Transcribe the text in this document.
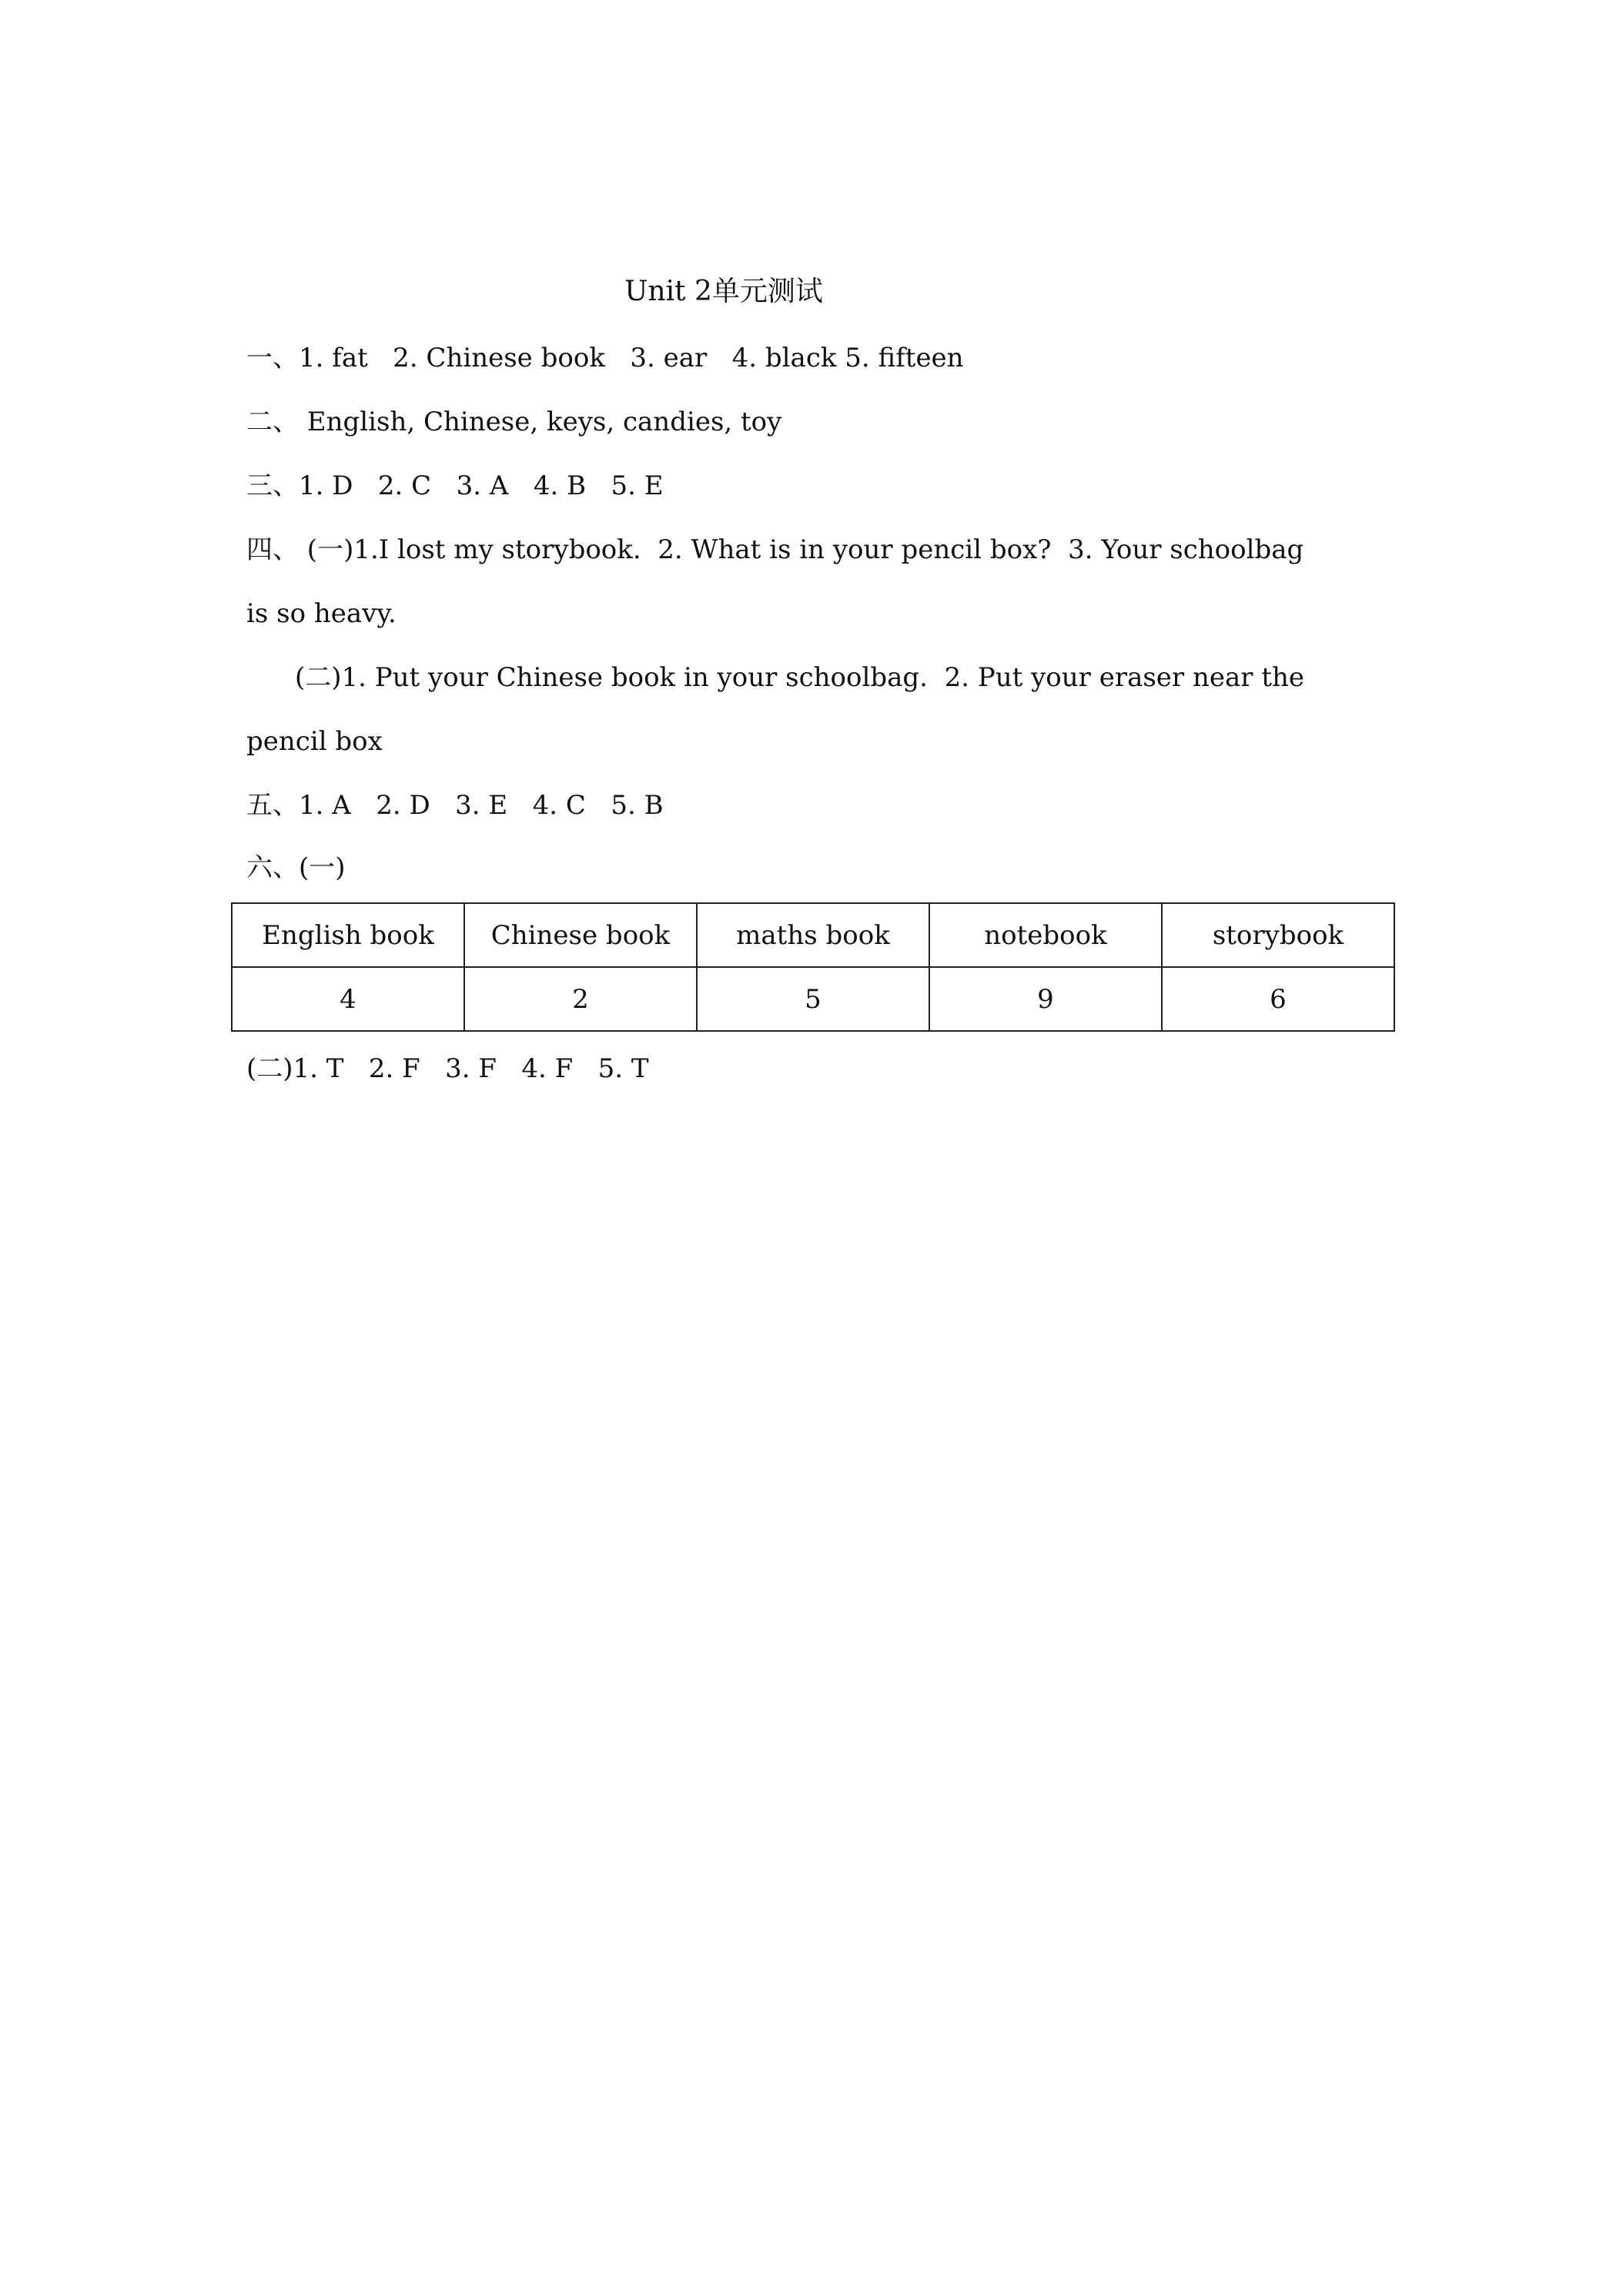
Unit 2单元测试
一、1. fat   2. Chinese book   3. ear   4. black 5. fifteen
二、 English, Chinese, keys, candies, toy
三、1. D   2. C   3. A   4. B   5. E
四、 (一)1.I lost my storybook.  2. What is in your pencil box?  3. Your schoolbag
is so heavy.
(二)1. Put your Chinese book in your schoolbag.  2. Put your eraser near the
pencil box
五、1. A   2. D   3. E   4. C   5. B
六、(一)
English book	Chinese book	maths book	notebook	storybook
4	2	5	9	6
(二)1. T   2. F   3. F   4. F   5. T
